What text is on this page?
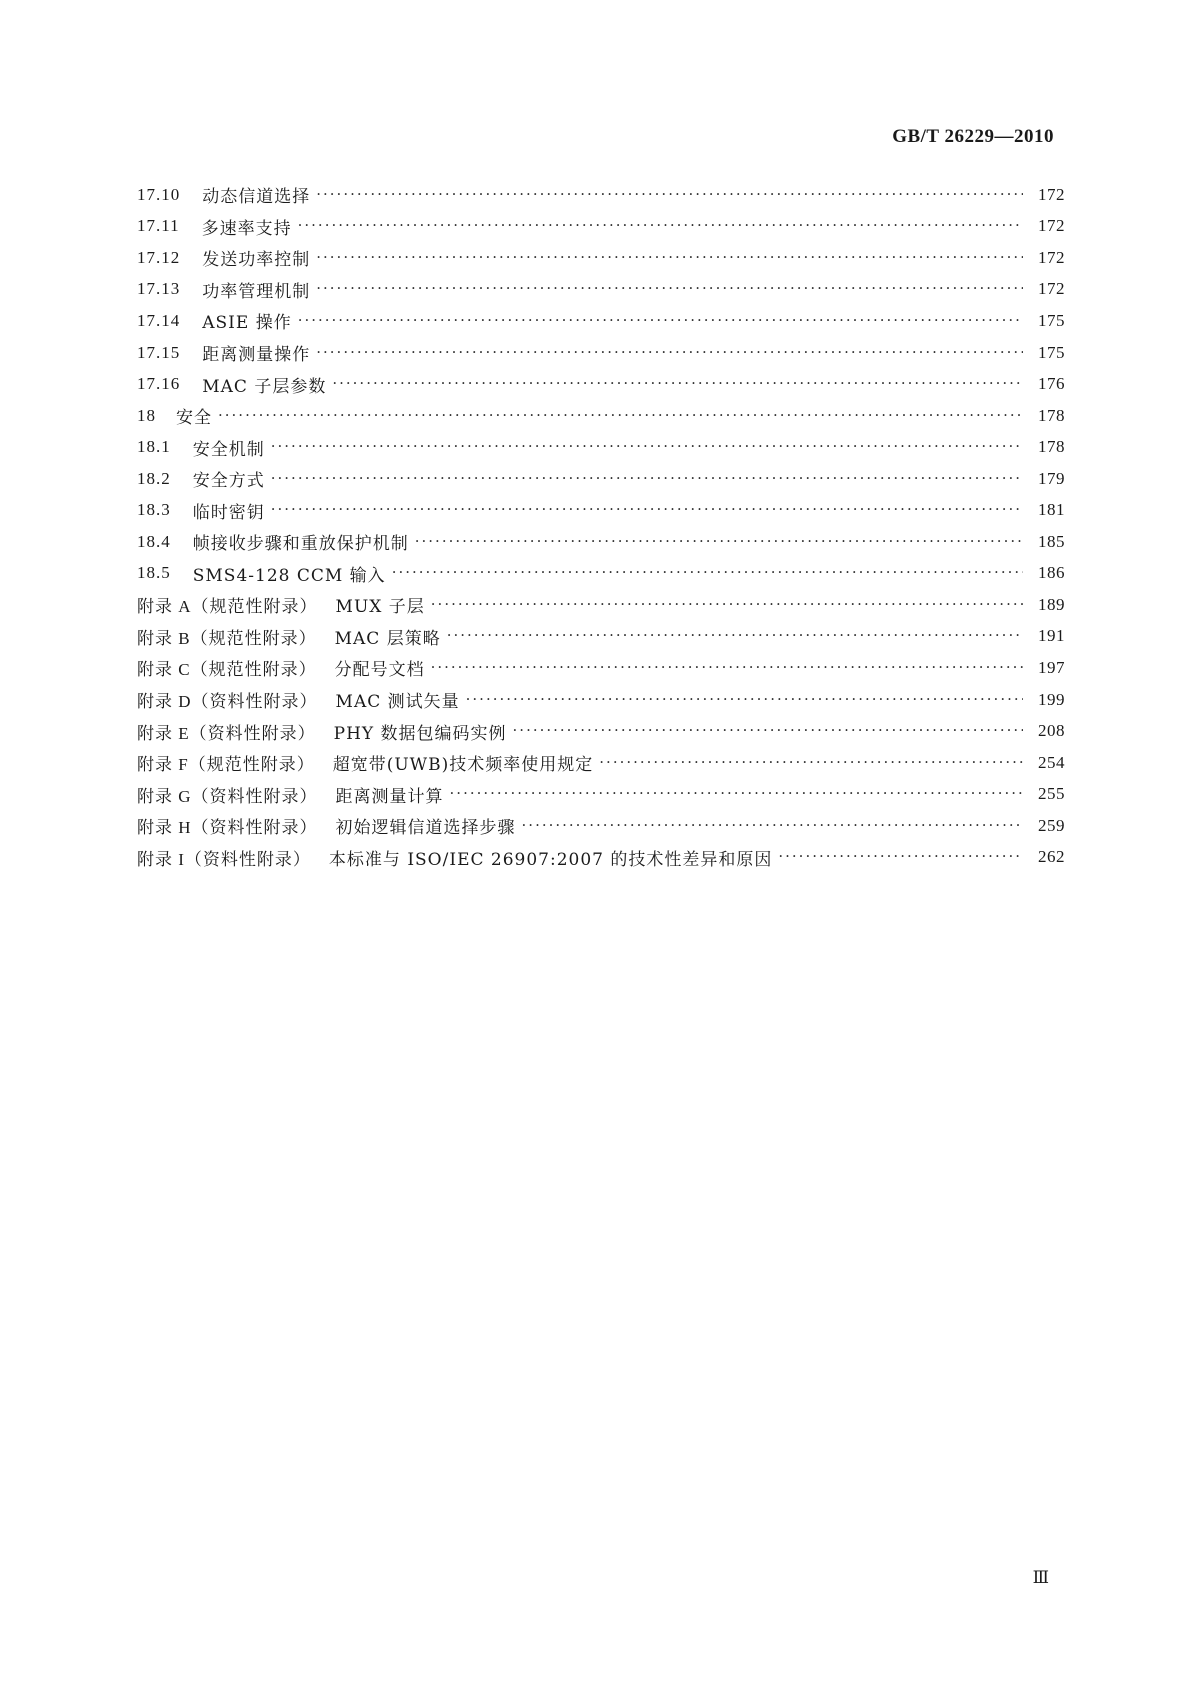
GB/T 26229—2010
17.10 动态信道选择 ·····	172
17.11 多速率支持 ·····	172
17.12 发送功率控制 ·····	172
17.13 功率管理机制 ·····	172
17.14 ASIE 操作 ·····	175
17.15 距离测量操作 ·····	175
17.16 MAC 子层参数 ·····	176
18 安全 ·····	178
18.1 安全机制 ·····	178
18.2 安全方式 ·····	179
18.3 临时密钥 ·····	181
18.4 帧接收步骤和重放保护机制 ·····	185
18.5 SMS4-128 CCM 输入 ·····	186
附录 A（规范性附录） MUX 子层 ·····	189
附录 B（规范性附录） MAC 层策略 ·····	191
附录 C（规范性附录） 分配号文档 ·····	197
附录 D（资料性附录） MAC 测试矢量 ·····	199
附录 E（资料性附录） PHY 数据包编码实例 ·····	208
附录 F（规范性附录） 超宽带(UWB)技术频率使用规定 ·····	254
附录 G（资料性附录） 距离测量计算 ·····	255
附录 H（资料性附录） 初始逻辑信道选择步骤 ·····	259
附录 I（资料性附录） 本标准与 ISO/IEC 26907:2007 的技术性差异和原因 ·····	262
Ⅲ
